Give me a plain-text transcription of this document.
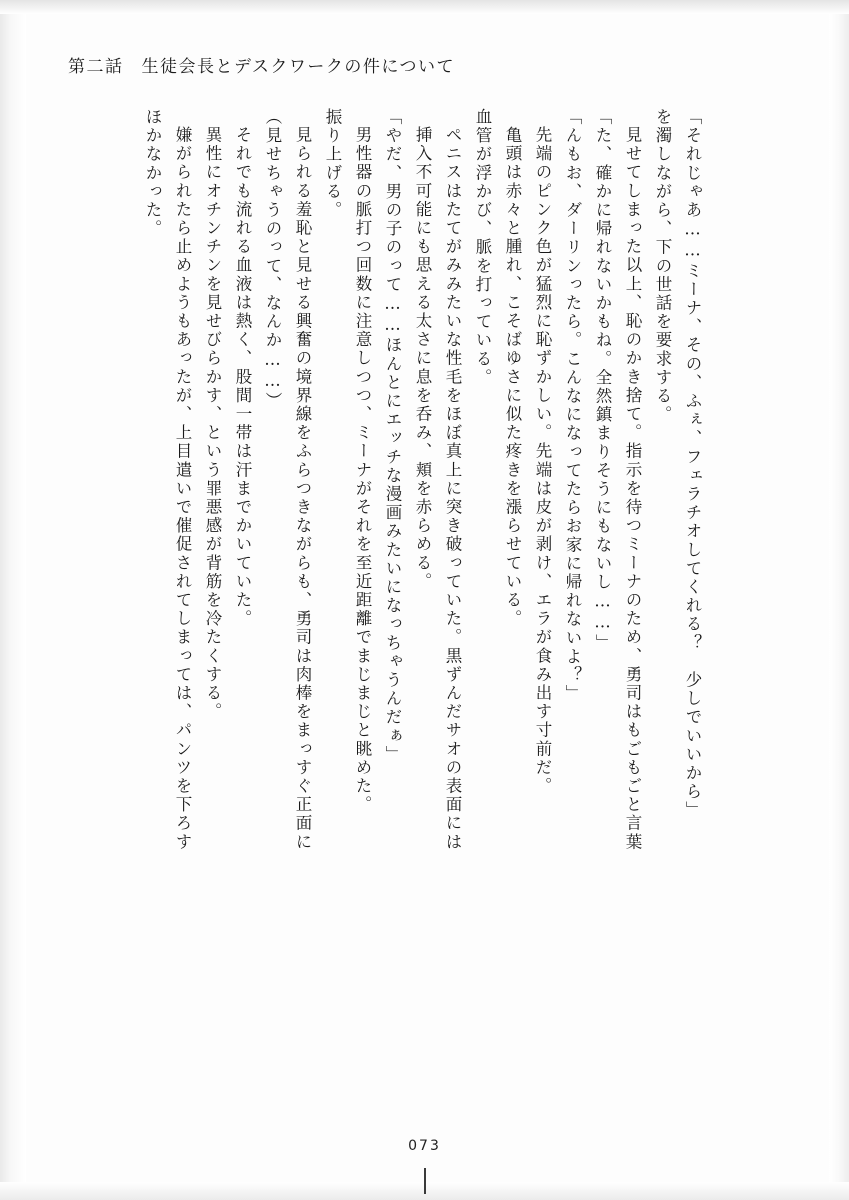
第二話 生徒会長とデスクワークの件について
ほかなかった。 嫌がられたら止めようもあったが、上目遣いで催促されてしまっては、パンツを下ろす 異性にオチンチンを見せびらかす、という罪悪感が背筋を冷たくする。 それでも流れる血液は熱く、股間一帯は汗までかいていた。 （見せちゃうのって、なんか……） 見られる羞恥と見せる興奮の境界線をふらつきながらも、勇司は肉棒をまっすぐ正面に 振り上げる。 男性器の脈打つ回数に注意しつつ、ミーナがそれを至近距離でまじまじと眺めた。 「やだ、男の子のって……ほんとにエッチな漫画みたいになっちゃうんだぁ」 挿入不可能にも思える太さに息を呑み、頬を赤らめる。 ペニスはたてがみみたいな性毛をほぼ真上に突き破っていた。黒ずんだサオの表面には 血管が浮かび、脈を打っている。 亀頭は赤々と腫れ、こそばゆさに似た疼きを漲らせている。 先端のピンク色が猛烈に恥ずかしい。先端は皮が剥け、エラが食み出す寸前だ。 「んもお、ダーリンったら。こんなになってたらお家に帰れないよ？」 「た、確かに帰れないかもね。全然鎮まりそうにもないし……」 見せてしまった以上、恥のかき捨て。指示を待つミーナのため、勇司はもごもごと言葉 を濁しながら、下の世話を要求する。 「それじゃあ……ミーナ、その、ふぇ、フェラチオしてくれる？　少しでいいから」
073
